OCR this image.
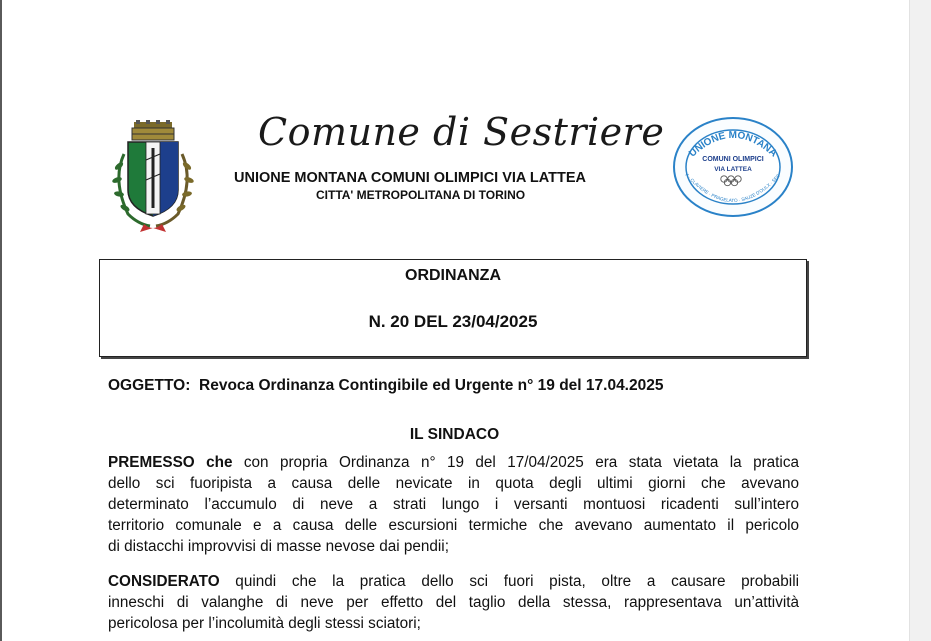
Comune di Sestriere
UNIONE MONTANA COMUNI OLIMPICI VIA LATTEA
CITTA' METROPOLITANA DI TORINO
UNIONE MONTANA
A · CLAVIERE · PRAGELATO · SAUZE D'OULX · SES
COMUNI OLIMPICI
VIA LATTEA
ORDINANZA
N. 20 DEL 23/04/2025
OGGETTO: Revoca Ordinanza Contingibile ed Urgente n° 19 del 17.04.2025
IL SINDACO
PREMESSO che con propria Ordinanza n° 19 del 17/04/2025 era stata vietata la pratica
dello sci fuoripista a causa delle nevicate in quota degli ultimi giorni che avevano
determinato l’accumulo di neve a strati lungo i versanti montuosi ricadenti sull’intero
territorio comunale e a causa delle escursioni termiche che avevano aumentato il pericolo
di distacchi improvvisi di masse nevose dai pendii;
CONSIDERATO quindi che la pratica dello sci fuori pista, oltre a causare probabili
inneschi di valanghe di neve per effetto del taglio della stessa, rappresentava un’attività
pericolosa per l’incolumità degli stessi sciatori;
